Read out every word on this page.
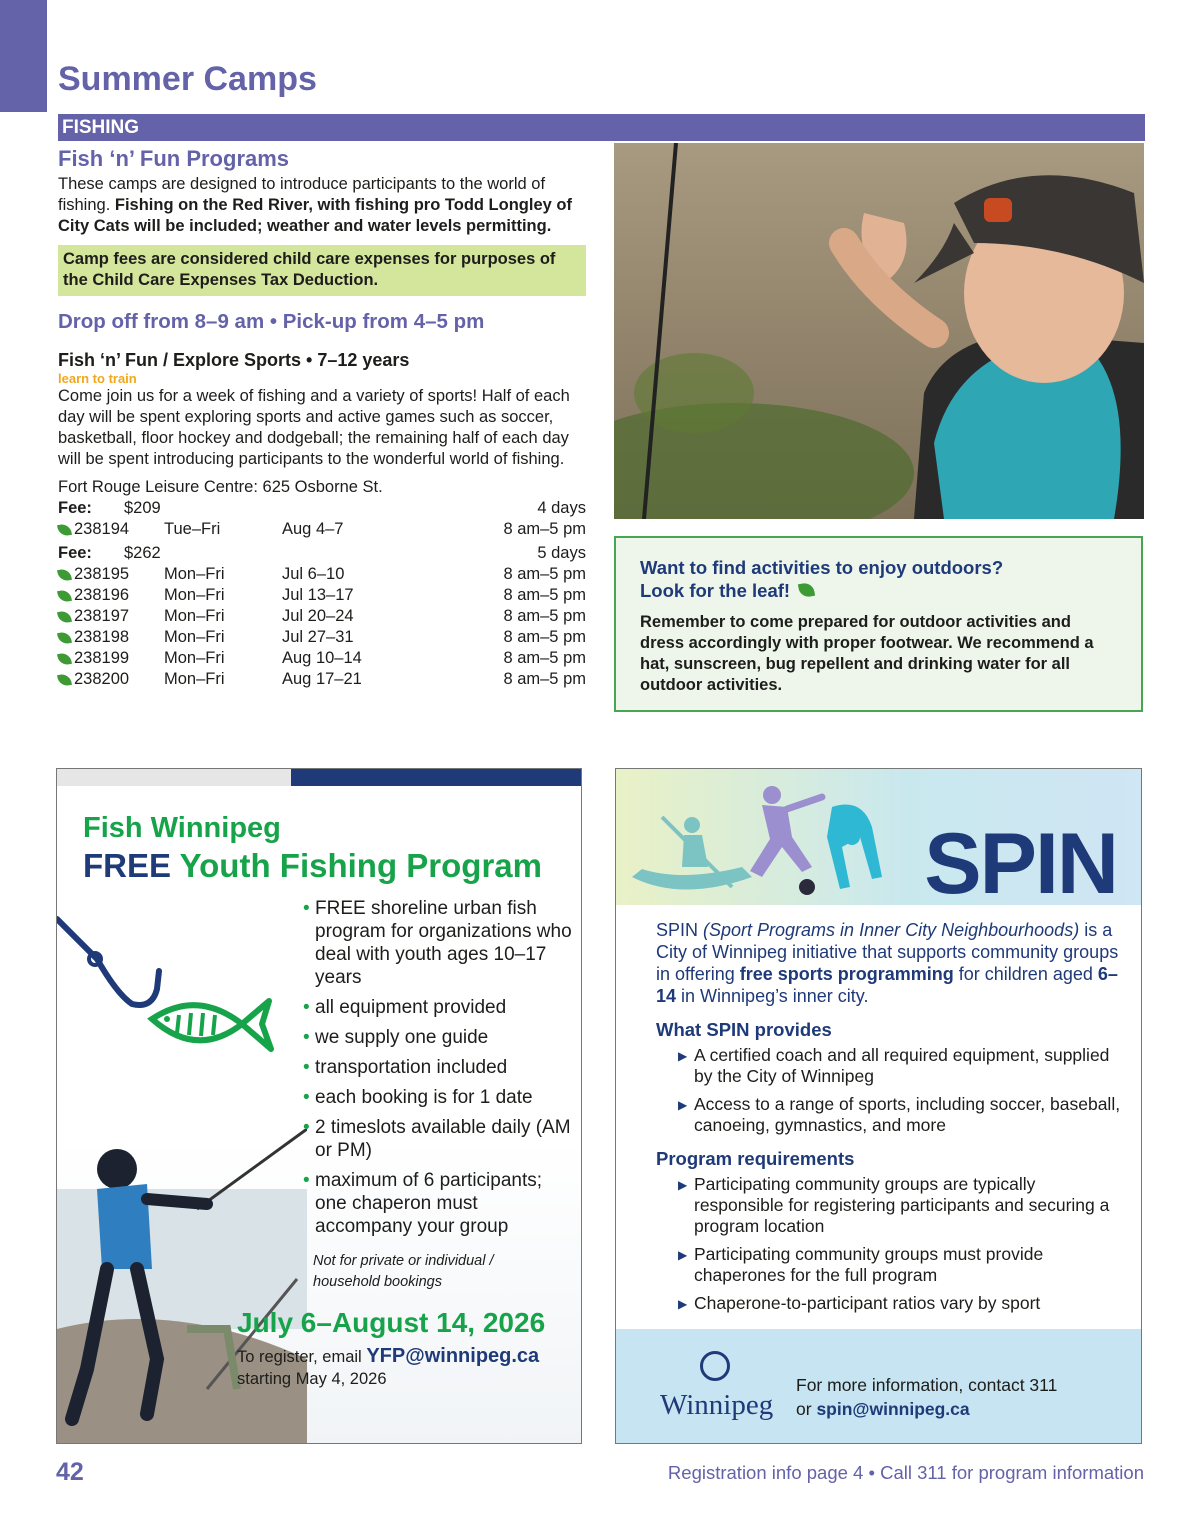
Summer Camps
FISHING
Fish ‘n’ Fun Programs

These camps are designed to introduce participants to the world of fishing. Fishing on the Red River, with fishing pro Todd Longley of City Cats will be included; weather and water levels permitting.

Camp fees are considered child care expenses for purposes of the Child Care Expenses Tax Deduction.
Drop off from 8–9 am • Pick-up from 4–5 pm
Fish ‘n’ Fun / Explore Sports • 7–12 years
learn to train

Come join us for a week of fishing and a variety of sports! Half of each day will be spent exploring sports and active games such as soccer, basketball, floor hockey and dodgeball; the remaining half of each day will be spent introducing participants to the wonderful world of fishing.

Fort Rouge Leisure Centre: 625 Osborne St.
Fee: $209	4 days
238194 Tue–Fri	Aug 4–7	8 am–5 pm
Fee: $262	5 days
238195 Mon–Fri	Jul 6–10	8 am–5 pm
238196 Mon–Fri	Jul 13–17	8 am–5 pm
238197 Mon–Fri	Jul 20–24	8 am–5 pm
238198 Mon–Fri	Jul 27–31	8 am–5 pm
238199 Mon–Fri	Aug 10–14	8 am–5 pm
238200 Mon–Fri	Aug 17–21	8 am–5 pm
Want to find activities to enjoy outdoors?
Look for the leaf!

Remember to come prepared for outdoor activities and dress accordingly with proper footwear. We recommend a hat, sunscreen, bug repellent and drinking water for all outdoor activities.

Fish Winnipeg
FREE Youth Fishing Program
• FREE shoreline urban fish program for organizations who deal with youth ages 10–17 years
• all equipment provided
• we supply one guide
• transportation included
• each booking is for 1 date
• 2 timeslots available daily (AM or PM)
• maximum of 6 participants; one chaperon must accompany your group
Not for private or individual / household bookings
July 6–August 14, 2026
To register, email YFP@winnipeg.ca
starting May 4, 2026
SPIN

SPIN (Sport Programs in Inner City Neighbourhoods) is a City of Winnipeg initiative that supports community groups in offering free sports programming for children aged 6–14 in Winnipeg’s inner city.

What SPIN provides
▶ A certified coach and all required equipment, supplied by the City of Winnipeg
▶ Access to a range of sports, including soccer, baseball, canoeing, gymnastics, and more
Program requirements
▶ Participating community groups are typically responsible for registering participants and securing a program location
▶ Participating community groups must provide chaperones for the full program
▶ Chaperone-to-participant ratios vary by sport
Winnipeg
For more information, contact 311
or spin@winnipeg.ca
42	Registration info page 4 • Call 311 for program information
